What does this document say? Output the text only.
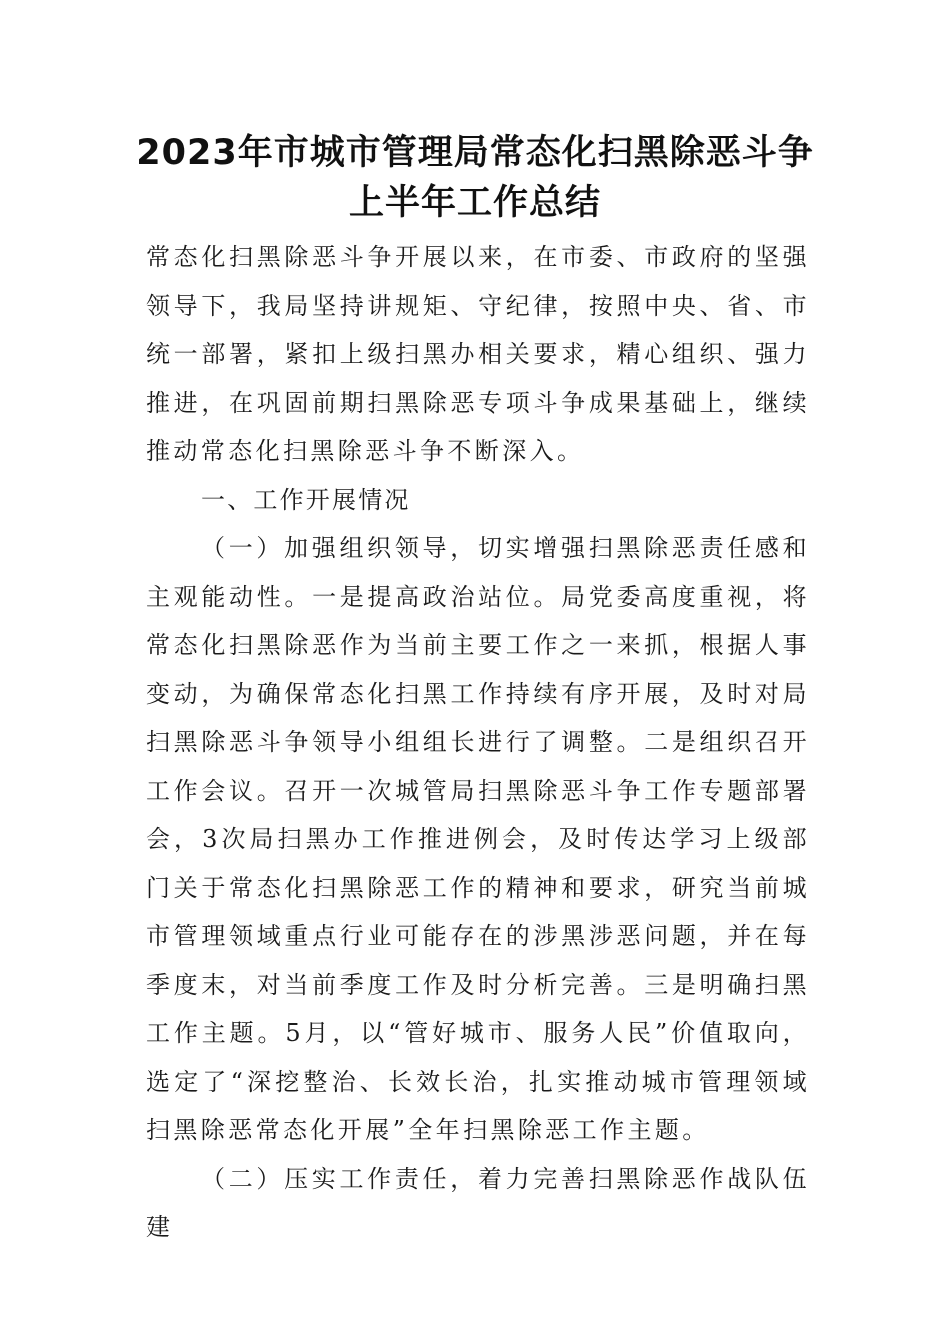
2023年市城市管理局常态化扫黑除恶斗争
上半年工作总结

常态化扫黑除恶斗争开展以来，在市委、市政府的坚强领导下，我局坚持讲规矩、守纪律，按照中央、省、市统一部署，紧扣上级扫黑办相关要求，精心组织、强力推进，在巩固前期扫黑除恶专项斗争成果基础上，继续推动常态化扫黑除恶斗争不断深入。

一、工作开展情况

（一）加强组织领导，切实增强扫黑除恶责任感和主观能动性。一是提高政治站位。局党委高度重视，将常态化扫黑除恶作为当前主要工作之一来抓，根据人事变动，为确保常态化扫黑工作持续有序开展，及时对局扫黑除恶斗争领导小组组长进行了调整。二是组织召开工作会议。召开一次城管局扫黑除恶斗争工作专题部署会，3次局扫黑办工作推进例会，及时传达学习上级部门关于常态化扫黑除恶工作的精神和要求，研究当前城市管理领域重点行业可能存在的涉黑涉恶问题，并在每季度末，对当前季度工作及时分析完善。三是明确扫黑工作主题。5月，以“管好城市、服务人民”价值取向，选定了“深挖整治、长效长治，扎实推动城市管理领域扫黑除恶常态化开展”全年扫黑除恶工作主题。

（二）压实工作责任，着力完善扫黑除恶作战队伍建
